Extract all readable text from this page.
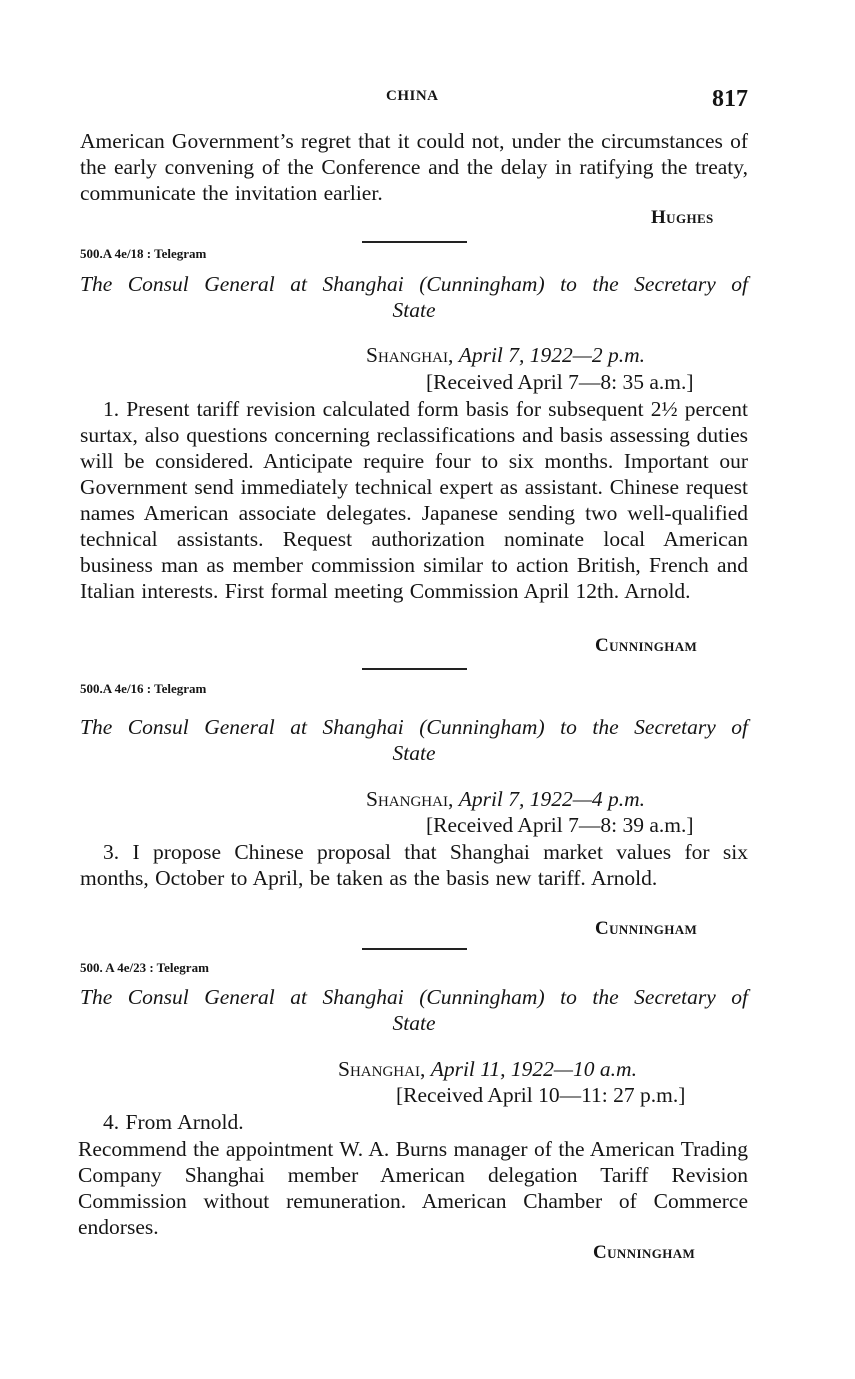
CHINA	817
American Government’s regret that it could not, under the circumstances of the early convening of the Conference and the delay in ratifying the treaty, communicate the invitation earlier.
Hughes
500.A 4e/18 : Telegram
The Consul General at Shanghai (Cunningham) to the Secretary of
State
Shanghai, April 7, 1922—2 p.m.
[Received April 7—8: 35 a.m.]
1. Present tariff revision calculated form basis for subsequent 2½ percent surtax, also questions concerning reclassifications and basis assessing duties will be considered. Anticipate require four to six months. Important our Government send immediately technical expert as assistant. Chinese request names American associate delegates. Japanese sending two well-qualified technical assistants. Request authorization nominate local American business man as member commission similar to action British, French and Italian interests. First formal meeting Commission April 12th. Arnold.
Cunningham
500.A 4e/16 : Telegram
The Consul General at Shanghai (Cunningham) to the Secretary of
State
Shanghai, April 7, 1922—4 p.m.
[Received April 7—8: 39 a.m.]
3. I propose Chinese proposal that Shanghai market values for six months, October to April, be taken as the basis new tariff. Arnold.
Cunningham
500. A 4e/23 : Telegram
The Consul General at Shanghai (Cunningham) to the Secretary of
State
Shanghai, April 11, 1922—10 a.m.
[Received April 10—11: 27 p.m.]
4. From Arnold.
Recommend the appointment W. A. Burns manager of the American Trading Company Shanghai member American delegation Tariff Revision Commission without remuneration. American Chamber of Commerce endorses.
Cunningham
